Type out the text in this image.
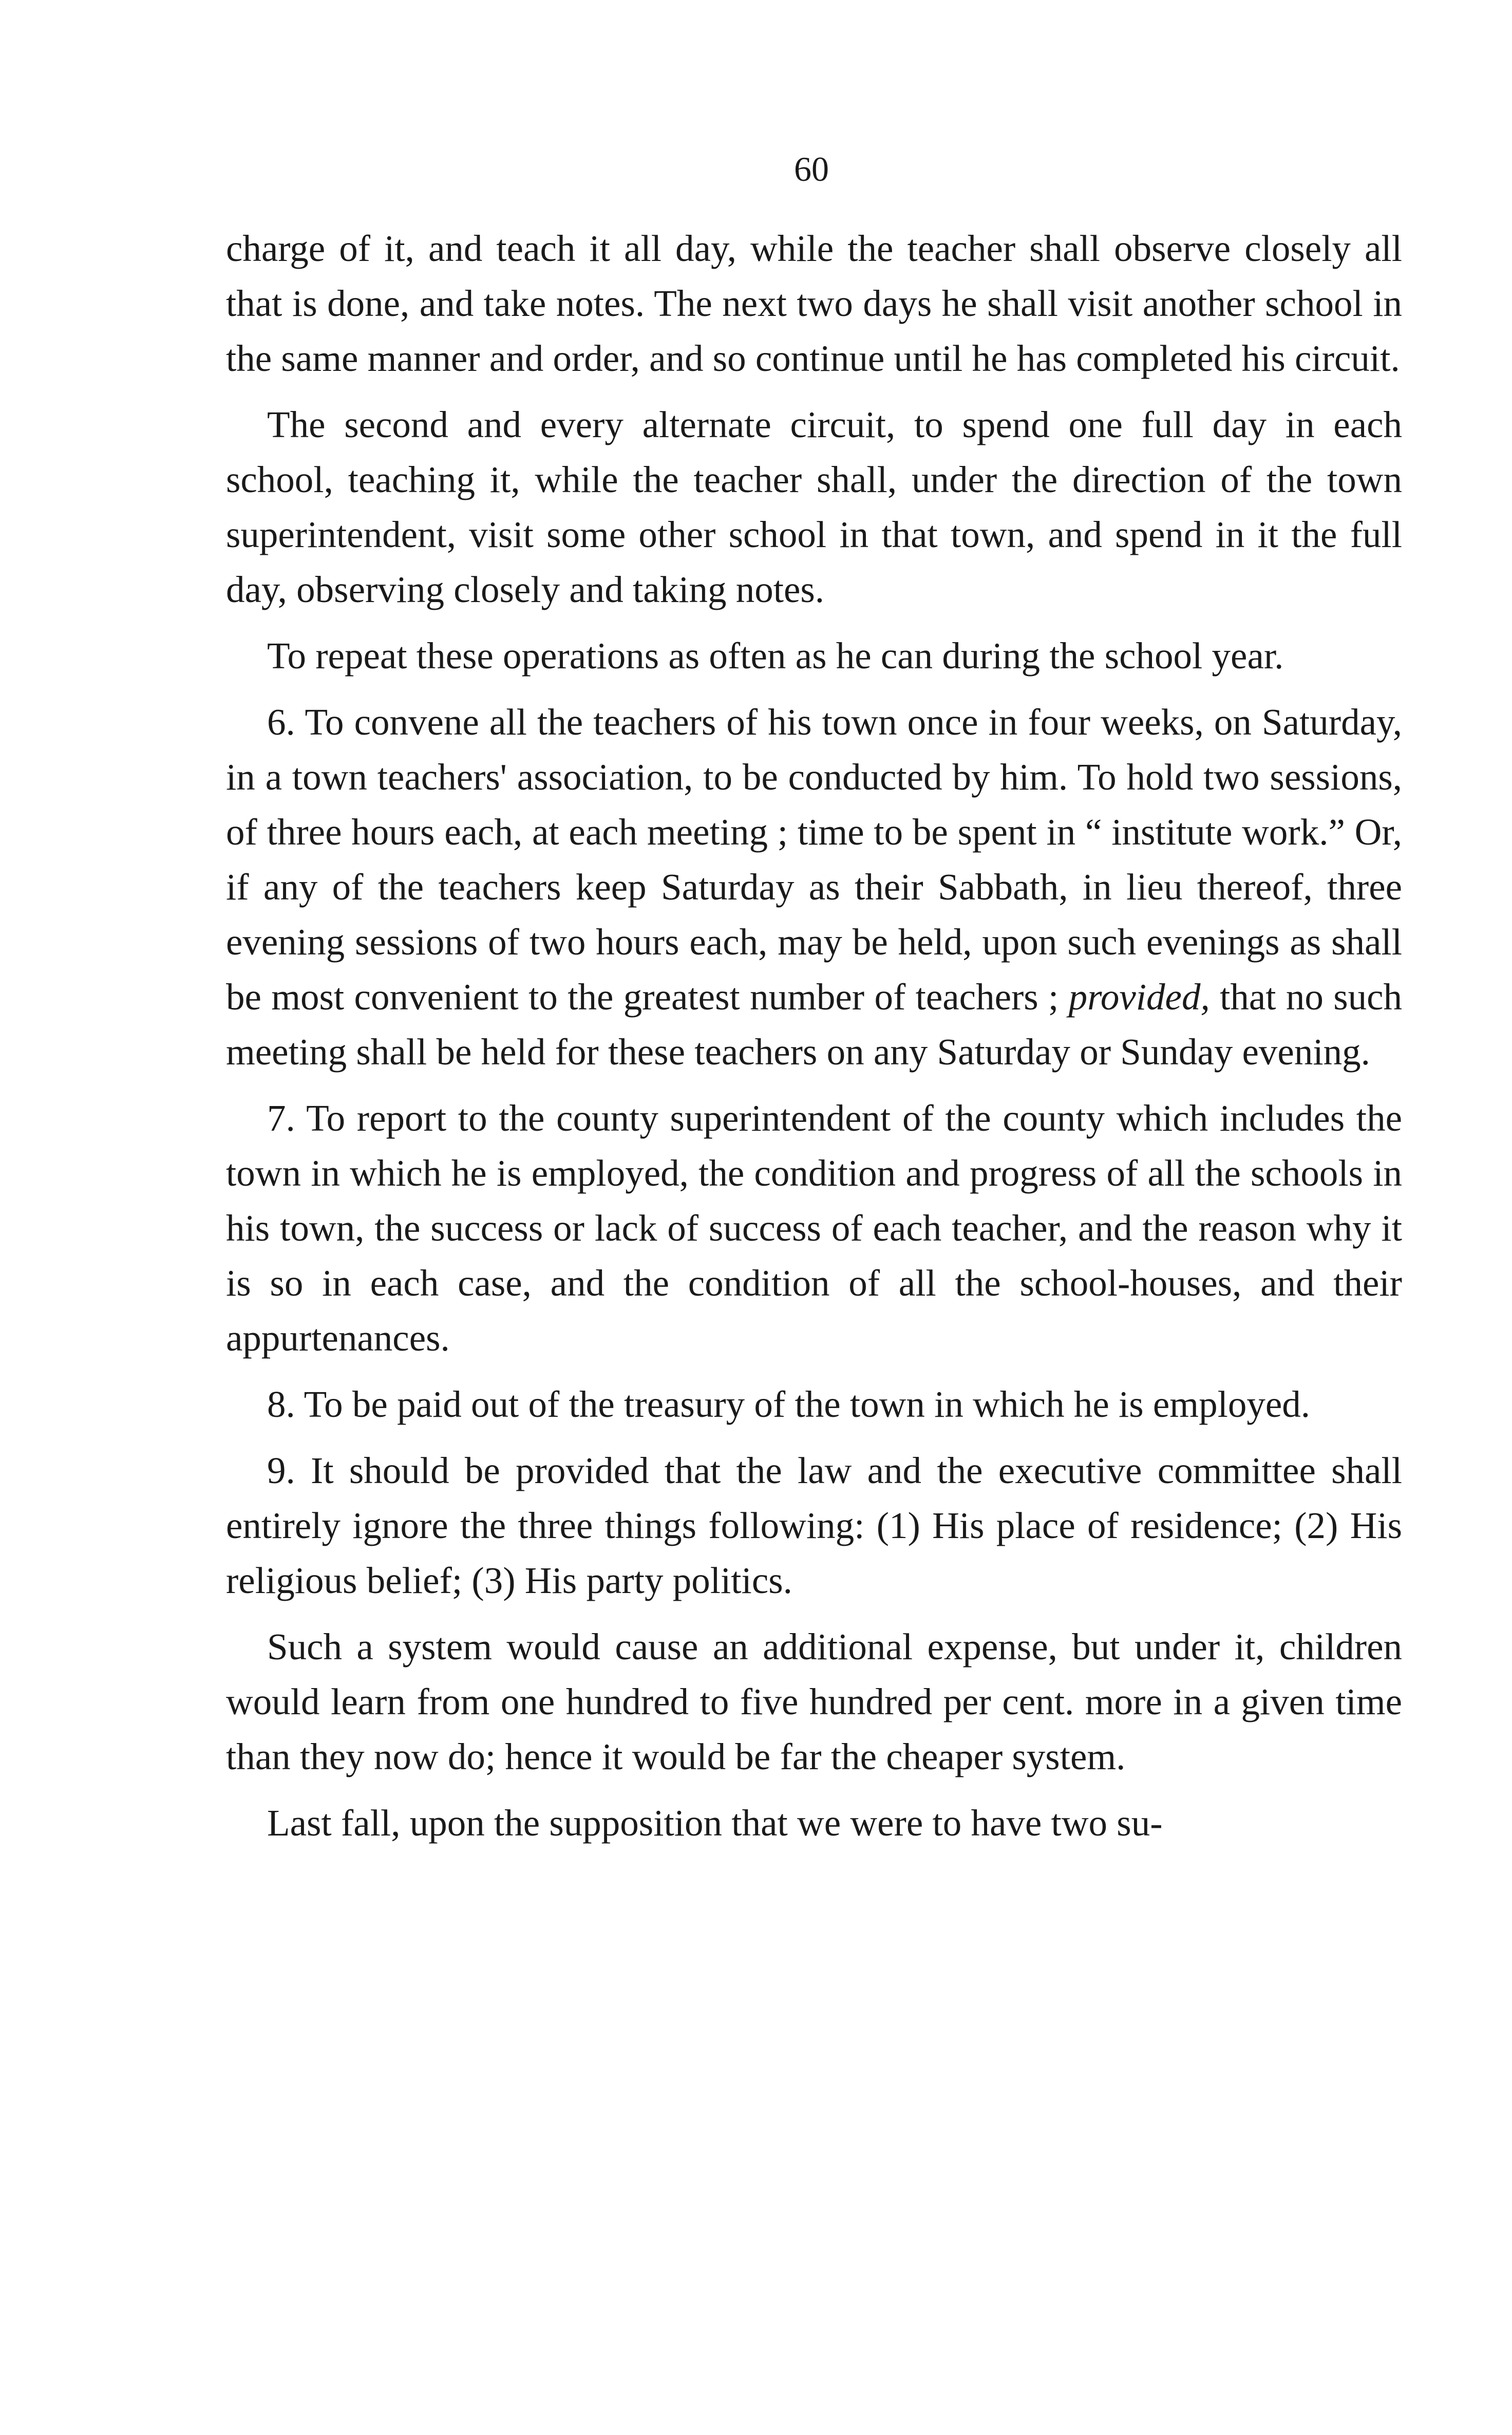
60

charge of it, and teach it all day, while the teacher shall observe closely all that is done, and take notes. The next two days he shall visit another school in the same manner and order, and so continue until he has completed his circuit.

The second and every alternate circuit, to spend one full day in each school, teaching it, while the teacher shall, under the direction of the town superintendent, visit some other school in that town, and spend in it the full day, observing closely and taking notes.

To repeat these operations as often as he can during the school year.

6. To convene all the teachers of his town once in four weeks, on Saturday, in a town teachers' association, to be conducted by him. To hold two sessions, of three hours each, at each meeting ; time to be spent in “ institute work.” Or, if any of the teachers keep Saturday as their Sabbath, in lieu thereof, three evening sessions of two hours each, may be held, upon such evenings as shall be most convenient to the greatest number of teachers ; provided, that no such meeting shall be held for these teachers on any Saturday or Sunday evening.

7. To report to the county superintendent of the county which includes the town in which he is employed, the condition and progress of all the schools in his town, the success or lack of success of each teacher, and the reason why it is so in each case, and the condition of all the school-houses, and their appurtenances.

8. To be paid out of the treasury of the town in which he is employed.

9. It should be provided that the law and the executive committee shall entirely ignore the three things following: (1) His place of residence; (2) His religious belief; (3) His party politics.

Such a system would cause an additional expense, but under it, children would learn from one hundred to five hundred per cent. more in a given time than they now do; hence it would be far the cheaper system.

Last fall, upon the supposition that we were to have two su-
